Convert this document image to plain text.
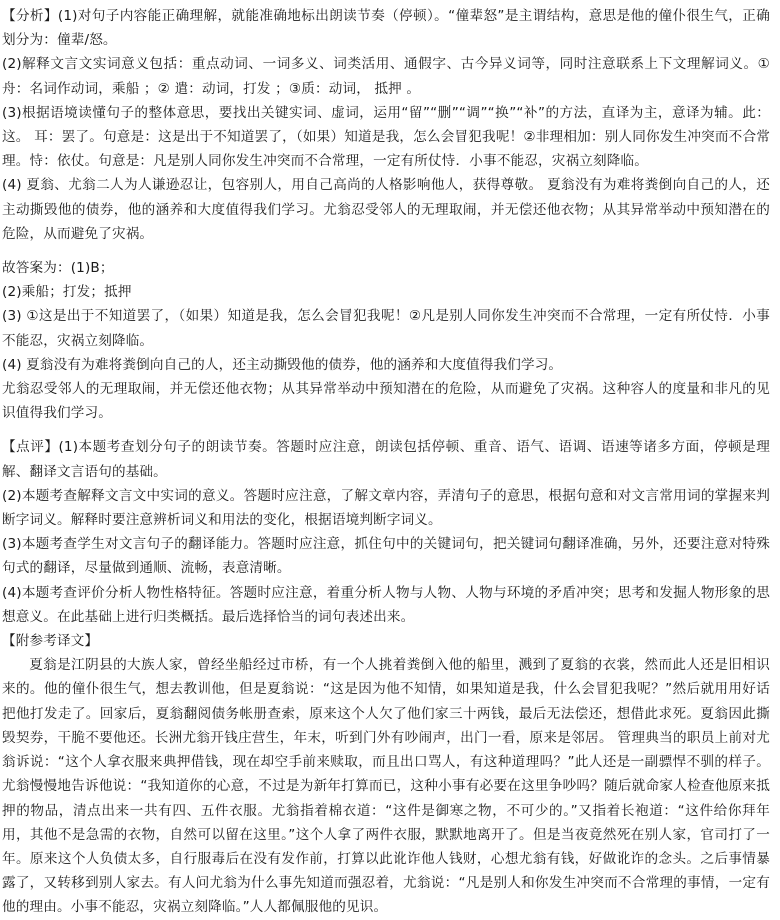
【分析】(1)对句子内容能正确理解，就能准确地标出朗读节奏（停顿）。“僮辈怒”是主谓结构，意思是他的僮仆很生气，正确划分为：僮辈/怒。

(2)解释文言文实词意义包括：重点动词、一词多义、词类活用、通假字、古今异义词等，同时注意联系上下文理解词义。①舟：名词作动词，乘船 ；② 遣：动词，打发 ；③质：动词， 抵押 。

(3)根据语境读懂句子的整体意思，要找出关键实词、虚词，运用“留”“删”“调”“换”“补”的方法，直译为主，意译为辅。此：这。 耳：罢了。句意是：这是出于不知道罢了，（如果）知道是我，怎么会冒犯我呢！②非理相加：别人同你发生冲突而不合常理。恃：依仗。句意是：凡是别人同你发生冲突而不合常理，一定有所仗恃．小事不能忍，灾祸立刻降临。

(4) 夏翁、尤翁二人为人谦逊忍让，包容别人，用自己高尚的人格影响他人，获得尊敬。 夏翁没有为难将粪倒向自己的人，还主动撕毁他的债券，他的涵养和大度值得我们学习。尤翁忍受邻人的无理取闹，并无偿还他衣物；从其异常举动中预知潜在的危险，从而避免了灾祸。

故答案为：(1)B；

(2)乘船；打发；抵押

(3) ①这是出于不知道罢了，（如果）知道是我，怎么会冒犯我呢！②凡是别人同你发生冲突而不合常理，一定有所仗恃．小事不能忍，灾祸立刻降临。

(4) 夏翁没有为难将粪倒向自己的人，还主动撕毁他的债券，他的涵养和大度值得我们学习。

尤翁忍受邻人的无理取闹，并无偿还他衣物；从其异常举动中预知潜在的危险，从而避免了灾祸。这种容人的度量和非凡的见识值得我们学习。

【点评】(1)本题考查划分句子的朗读节奏。答题时应注意，朗读包括停顿、重音、语气、语调、语速等诸多方面，停顿是理解、翻译文言语句的基础。

(2)本题考查解释文言文中实词的意义。答题时应注意，了解文章内容，弄清句子的意思，根据句意和对文言常用词的掌握来判断字词义。解释时要注意辨析词义和用法的变化，根据语境判断字词义。

(3)本题考查学生对文言句子的翻译能力。答题时应注意，抓住句中的关键词句，把关键词句翻译准确，另外，还要注意对特殊句式的翻译，尽量做到通顺、流畅，表意清晰。

(4)本题考查评价分析人物性格特征。答题时应注意，着重分析人物与人物、人物与环境的矛盾冲突；思考和发掘人物形象的思想意义。在此基础上进行归类概括。最后选择恰当的词句表述出来。

【附参考译文】

夏翁是江阴县的大族人家，曾经坐船经过市桥，有一个人挑着粪倒入他的船里，溅到了夏翁的衣裳，然而此人还是旧相识来的。他的僮仆很生气，想去教训他，但是夏翁说：“这是因为他不知情，如果知道是我，什么会冒犯我呢？”然后就用用好话把他打发走了。回家后，夏翁翻阅债务帐册查索，原来这个人欠了他们家三十两钱，最后无法偿还，想借此求死。夏翁因此撕毁契券，干脆不要他还。长洲尤翁开钱庄营生，年末，听到门外有吵闹声，出门一看，原来是邻居。 管理典当的职员上前对尤翁诉说：“这个人拿衣服来典押借钱，现在却空手前来赎取，而且出口骂人，有这种道理吗？”此人还是一副骠悍不驯的样子。 尤翁慢慢地告诉他说：“我知道你的心意，不过是为新年打算而已，这种小事有必要在这里争吵吗？随后就命家人检查他原来抵押的物品，清点出来一共有四、五件衣服。尤翁指着棉衣道：“这件是御寒之物，不可少的。”又指着长袍道：“这件给你拜年用，其他不是急需的衣物，自然可以留在这里。”这个人拿了两件衣服，默默地离开了。但是当夜竟然死在别人家，官司打了一年。原来这个人负债太多，自行服毒后在没有发作前，打算以此讹诈他人钱财，心想尤翁有钱，好做讹诈的念头。之后事情暴露了，又转移到别人家去。有人问尤翁为什么事先知道而强忍着，尤翁说：“凡是别人和你发生冲突而不合常理的事情，一定有他的理由。小事不能忍，灾祸立刻降临。”人人都佩服他的见识。
